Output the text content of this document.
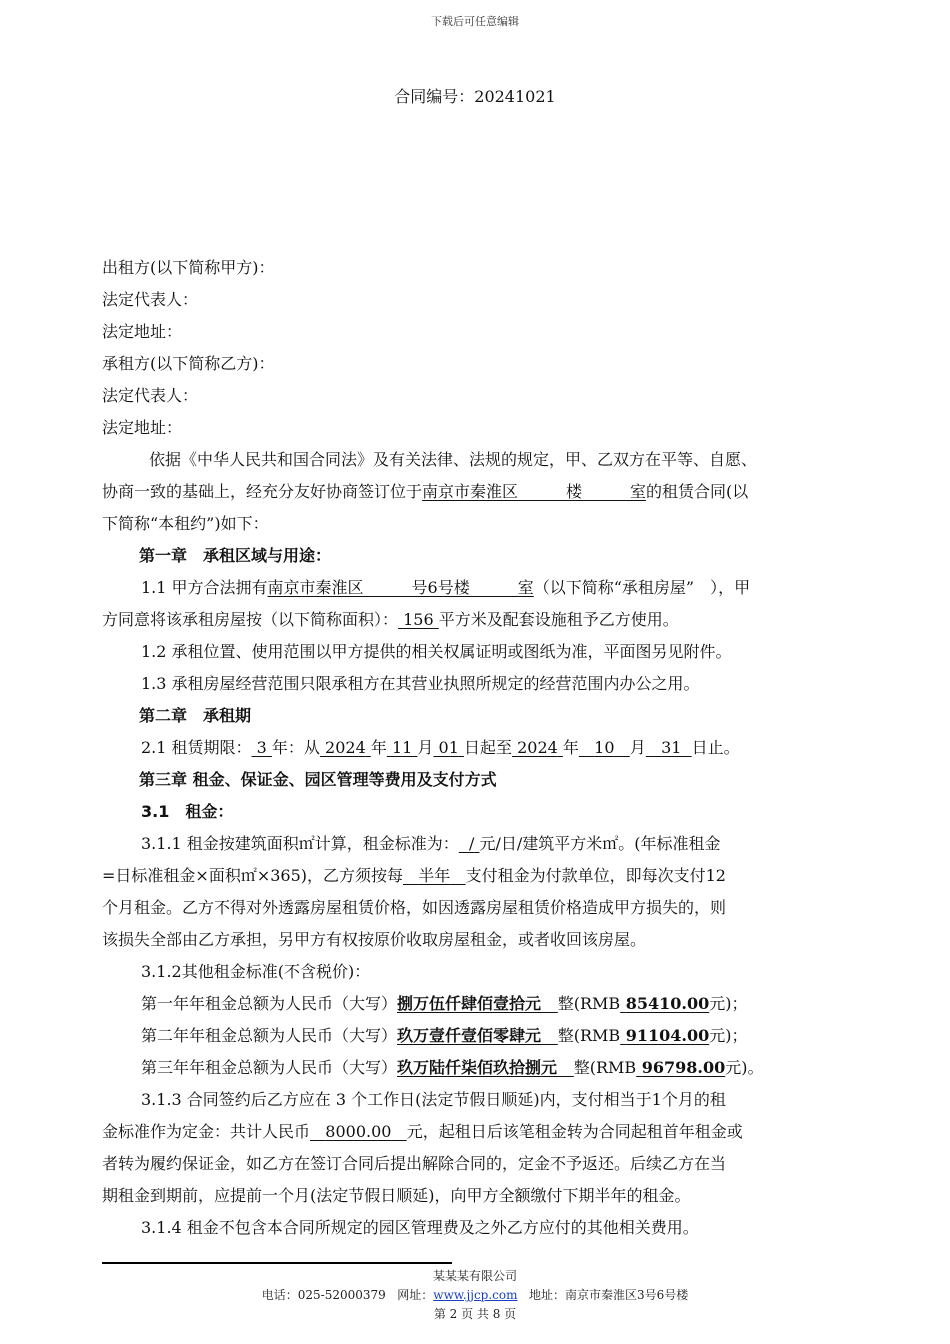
下载后可任意编辑
合同编号：20241021
出租方(以下简称甲方)：
法定代表人：
法定地址：
承租方(以下简称乙方)：
法定代表人：
法定地址：
依据《中华人民共和国合同法》及有关法律、法规的规定，甲、乙双方在平等、自愿、
协商一致的基础上，经充分友好协商签订位于南京市秦淮区　　　楼　　　室的租赁合同(以
下简称“本租约”)如下：
第一章　承租区域与用途：
1.1 甲方合法拥有南京市秦淮区　　　号6号楼　　　室（以下简称“承租房屋”　），甲
方同意将该承租房屋按（以下简称面积）： 156 平方米及配套设施租予乙方使用。
1.2 承租位置、使用范围以甲方提供的相关权属证明或图纸为准，平面图另见附件。
1.3 承租房屋经营范围只限承租方在其营业执照所规定的经营范围内办公之用。
第二章　承租期
2.1 租赁期限： 3 年：从 2024 年 11 月 01 日起至 2024 年 10 月 31 日止。
第三章 租金、保证金、园区管理等费用及支付方式
3.1　租金：
3.1.1 租金按建筑面积㎡计算，租金标准为： / 元/日/建筑平方米㎡。(年标准租金
=日标准租金×面积㎡×365)，乙方须按每 半年 支付租金为付款单位，即每次支付12
个月租金。乙方不得对外透露房屋租赁价格，如因透露房屋租赁价格造成甲方损失的，则
该损失全部由乙方承担，另甲方有权按原价收取房屋租金，或者收回该房屋。
3.1.2其他租金标准(不含税价)：
第一年年租金总额为人民币（大写）捌万伍仟肆佰壹拾元 整(RMB 85410.00元)；
第二年年租金总额为人民币（大写）玖万壹仟壹佰零肆元 整(RMB 91104.00元)；
第三年年租金总额为人民币（大写）玖万陆仟柒佰玖拾捌元 整(RMB 96798.00元)。
3.1.3 合同签约后乙方应在 3 个工作日(法定节假日顺延)内，支付相当于1个月的租
金标准作为定金：共计人民币 8000.00 元，起租日后该笔租金转为合同起租首年租金或
者转为履约保证金，如乙方在签订合同后提出解除合同的，定金不予返还。后续乙方在当
期租金到期前，应提前一个月(法定节假日顺延)，向甲方全额缴付下期半年的租金。
3.1.4 租金不包含本合同所规定的园区管理费及之外乙方应付的其他相关费用。
某某某有限公司
电话：025-52000379 网址：www.jjcp.com 地址：南京市秦淮区3号6号楼
第 2 页 共 8 页
